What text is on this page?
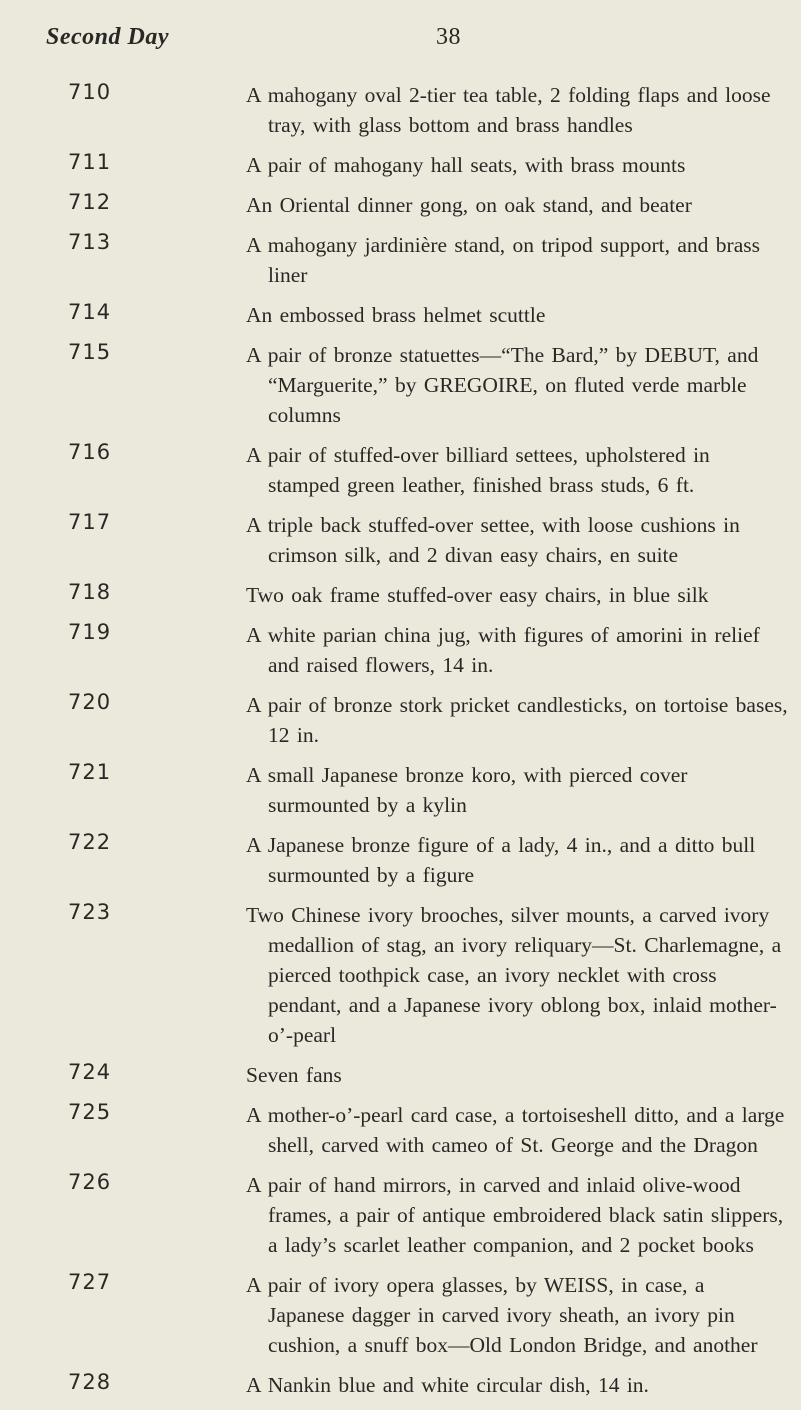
Second Day	38
710	A mahogany oval 2-tier tea table, 2 folding flaps and loose tray, with glass bottom and brass handles
711	A pair of mahogany hall seats, with brass mounts
712	An Oriental dinner gong, on oak stand, and beater
713	A mahogany jardinière stand, on tripod support, and brass liner
714	An embossed brass helmet scuttle
715	A pair of bronze statuettes—“The Bard,” by DEBUT, and “Marguerite,” by GREGOIRE, on fluted verde marble columns
716	A pair of stuffed-over billiard settees, upholstered in stamped green leather, finished brass studs, 6 ft.
717	A triple back stuffed-over settee, with loose cushions in crimson silk, and 2 divan easy chairs, en suite
718	Two oak frame stuffed-over easy chairs, in blue silk
719	A white parian china jug, with figures of amorini in relief and raised flowers, 14 in.
720	A pair of bronze stork pricket candlesticks, on tortoise bases, 12 in.
721	A small Japanese bronze koro, with pierced cover surmounted by a kylin
722	A Japanese bronze figure of a lady, 4 in., and a ditto bull surmounted by a figure
723	Two Chinese ivory brooches, silver mounts, a carved ivory medallion of stag, an ivory reliquary—St. Charlemagne, a pierced toothpick case, an ivory necklet with cross pendant, and a Japanese ivory oblong box, inlaid mother-o’-pearl
724	Seven fans
725	A mother-o’-pearl card case, a tortoiseshell ditto, and a large shell, carved with cameo of St. George and the Dragon
726	A pair of hand mirrors, in carved and inlaid olive-wood frames, a pair of antique embroidered black satin slippers, a lady’s scarlet leather companion, and 2 pocket books
727	A pair of ivory opera glasses, by WEISS, in case, a Japanese dagger in carved ivory sheath, an ivory pin cushion, a snuff box—Old London Bridge, and another
728	A Nankin blue and white circular dish, 14 in.
